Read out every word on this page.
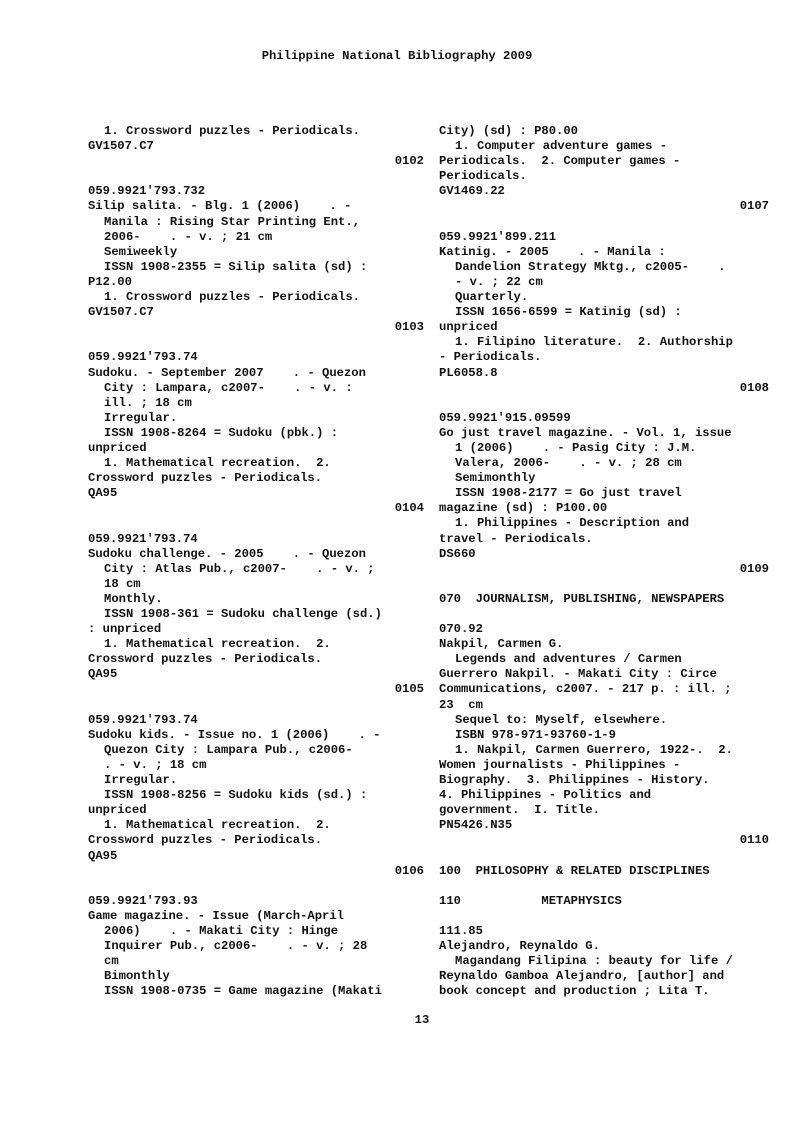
Philippine National Bibliography 2009
1. Crossword puzzles - Periodicals.
GV1507.C7
0102
059.9921'793.732
Silip salita. - Blg. 1 (2006)    . -
Manila : Rising Star Printing Ent.,
2006-    . - v. ; 21 cm
Semiweekly
ISSN 1908-2355 = Silip salita (sd) :
P12.00
1. Crossword puzzles - Periodicals.
GV1507.C7
0103
059.9921'793.74
Sudoku. - September 2007    . - Quezon
City : Lampara, c2007-    . - v. :
ill. ; 18 cm
Irregular.
ISSN 1908-8264 = Sudoku (pbk.) :
unpriced
1. Mathematical recreation.  2.
Crossword puzzles - Periodicals.
QA95
0104
059.9921'793.74
Sudoku challenge. - 2005    . - Quezon
City : Atlas Pub., c2007-    . - v. ;
18 cm
Monthly.
ISSN 1908-361 = Sudoku challenge (sd.)
: unpriced
1. Mathematical recreation.  2.
Crossword puzzles - Periodicals.
QA95
0105
059.9921'793.74
Sudoku kids. - Issue no. 1 (2006)    . -
Quezon City : Lampara Pub., c2006-
. - v. ; 18 cm
Irregular.
ISSN 1908-8256 = Sudoku kids (sd.) :
unpriced
1. Mathematical recreation.  2.
Crossword puzzles - Periodicals.
QA95
0106
059.9921'793.93
Game magazine. - Issue (March-April
2006)    . - Makati City : Hinge
Inquirer Pub., c2006-    . - v. ; 28
cm
Bimonthly
ISSN 1908-0735 = Game magazine (Makati
City) (sd) : P80.00
1. Computer adventure games -
Periodicals.  2. Computer games -
Periodicals.
GV1469.22
0107
059.9921'899.211
Katinig. - 2005    . - Manila :
Dandelion Strategy Mktg., c2005-    .
- v. ; 22 cm
Quarterly.
ISSN 1656-6599 = Katinig (sd) :
unpriced
1. Filipino literature.  2. Authorship
- Periodicals.
PL6058.8
0108
059.9921'915.09599
Go just travel magazine. - Vol. 1, issue
1 (2006)    . - Pasig City : J.M.
Valera, 2006-    . - v. ; 28 cm
Semimonthly
ISSN 1908-2177 = Go just travel
magazine (sd) : P100.00
1. Philippines - Description and
travel - Periodicals.
DS660
0109
070  JOURNALISM, PUBLISHING, NEWSPAPERS
070.92
Nakpil, Carmen G.
Legends and adventures / Carmen
Guerrero Nakpil. - Makati City : Circe
Communications, c2007. - 217 p. : ill. ;
23  cm
Sequel to: Myself, elsewhere.
ISBN 978-971-93760-1-9
1. Nakpil, Carmen Guerrero, 1922-.  2.
Women journalists - Philippines -
Biography.  3. Philippines - History.
4. Philippines - Politics and
government.  I. Title.
PN5426.N35
0110
100  PHILOSOPHY & RELATED DISCIPLINES
110           METAPHYSICS
111.85
Alejandro, Reynaldo G.
Magandang Filipina : beauty for life /
Reynaldo Gamboa Alejandro, [author] and
book concept and production ; Lita T.
13
